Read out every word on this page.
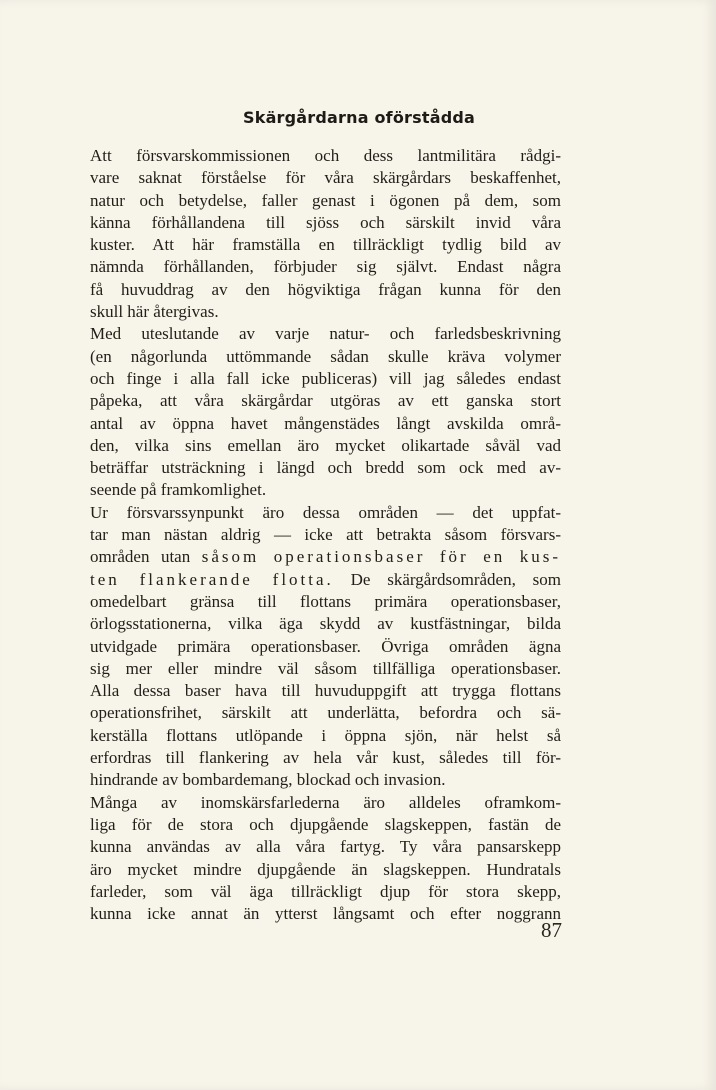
Skärgårdarna oförstådda
Att försvarskommissionen och dess lantmilitära rådgi-
vare saknat förståelse för våra skärgårdars beskaffenhet,
natur och betydelse, faller genast i ögonen på dem, som
känna förhållandena till sjöss och särskilt invid våra
kuster. Att här framställa en tillräckligt tydlig bild av
nämnda förhållanden, förbjuder sig självt. Endast några
få huvuddrag av den högviktiga frågan kunna för den
skull här återgivas.
Med uteslutande av varje natur- och farledsbeskrivning
(en någorlunda uttömmande sådan skulle kräva volymer
och finge i alla fall icke publiceras) vill jag således endast
påpeka, att våra skärgårdar utgöras av ett ganska stort
antal av öppna havet mångenstädes långt avskilda områ-
den, vilka sins emellan äro mycket olikartade såväl vad
beträffar utsträckning i längd och bredd som ock med av-
seende på framkomlighet.
Ur försvarssynpunkt äro dessa områden — det uppfat-
tar man nästan aldrig — icke att betrakta såsom försvars-
områden utan såsom operationsbaser för en kus-
ten flankerande flotta. De skärgårdsområden, som
omedelbart gränsa till flottans primära operationsbaser,
örlogsstationerna, vilka äga skydd av kustfästningar, bilda
utvidgade primära operationsbaser. Övriga områden ägna
sig mer eller mindre väl såsom tillfälliga operationsbaser.
Alla dessa baser hava till huvuduppgift att trygga flottans
operationsfrihet, särskilt att underlätta, befordra och sä-
kerställa flottans utlöpande i öppna sjön, när helst så
erfordras till flankering av hela vår kust, således till för-
hindrande av bombardemang, blockad och invasion.
Många av inomskärsfarlederna äro alldeles oframkom-
liga för de stora och djupgående slagskeppen, fastän de
kunna användas av alla våra fartyg. Ty våra pansarskepp
äro mycket mindre djupgående än slagskeppen. Hundratals
farleder, som väl äga tillräckligt djup för stora skepp,
kunna icke annat än ytterst långsamt och efter noggrann
87
